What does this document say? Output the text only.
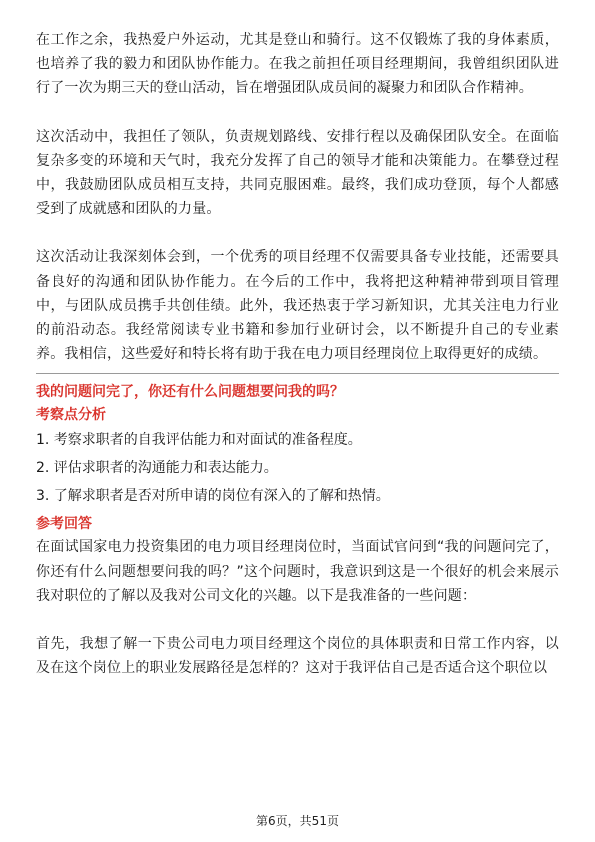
在工作之余，我热爱户外运动，尤其是登山和骑行。这不仅锻炼了我的身体素质，也培养了我的毅力和团队协作能力。在我之前担任项目经理期间，我曾组织团队进行了一次为期三天的登山活动，旨在增强团队成员间的凝聚力和团队合作精神。

这次活动中，我担任了领队，负责规划路线、安排行程以及确保团队安全。在面临复杂多变的环境和天气时，我充分发挥了自己的领导才能和决策能力。在攀登过程中，我鼓励团队成员相互支持，共同克服困难。最终，我们成功登顶，每个人都感受到了成就感和团队的力量。

这次活动让我深刻体会到，一个优秀的项目经理不仅需要具备专业技能，还需要具备良好的沟通和团队协作能力。在今后的工作中，我将把这种精神带到项目管理中，与团队成员携手共创佳绩。此外，我还热衷于学习新知识，尤其关注电力行业的前沿动态。我经常阅读专业书籍和参加行业研讨会，以不断提升自己的专业素养。我相信，这些爱好和特长将有助于我在电力项目经理岗位上取得更好的成绩。

我的问题问完了，你还有什么问题想要问我的吗？

考察点分析

1. 考察求职者的自我评估能力和对面试的准备程度。

2. 评估求职者的沟通能力和表达能力。

3. 了解求职者是否对所申请的岗位有深入的了解和热情。

参考回答

在面试国家电力投资集团的电力项目经理岗位时，当面试官问到“我的问题问完了，你还有什么问题想要问我的吗？”这个问题时，我意识到这是一个很好的机会来展示我对职位的了解以及我对公司文化的兴趣。以下是我准备的一些问题：

首先，我想了解一下贵公司电力项目经理这个岗位的具体职责和日常工作内容，以及在这个岗位上的职业发展路径是怎样的？这对于我评估自己是否适合这个职位以

第6页，共51页
